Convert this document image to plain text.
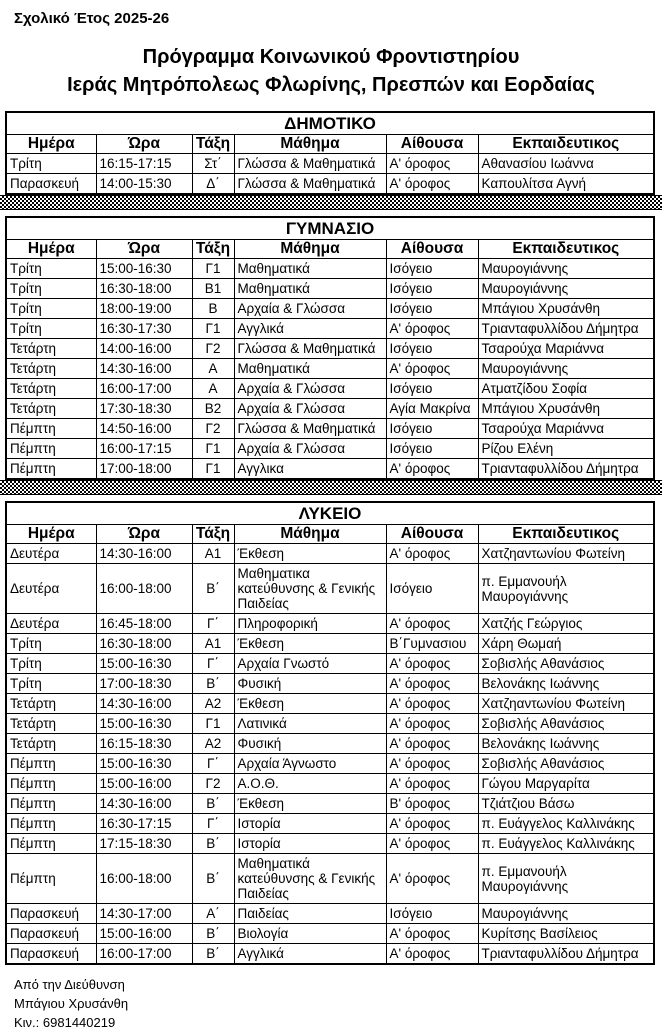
Σχολικό Έτος 2025-26
Πρόγραμμα Κοινωνικού Φροντιστηρίου
Ιεράς Μητρόπολεως Φλωρίνης, Πρεσπών και Εορδαίας
ΔΗΜΟΤΙΚΟ					
Ημέρα	Ώρα	Τάξη	Μάθημα	Αίθουσα	Εκπαιδευτικος
Τρίτη	16:15-17:15	Στ΄	Γλώσσα & Μαθηματικά	Α' όροφος	Αθανασίου Ιωάννα
Παρασκευή	14:00-15:30	Δ΄	Γλώσσα & Μαθηματικά	Α' όροφος	Καπουλίτσα Αγνή
ΓΥΜΝΑΣΙΟ					
Ημέρα	Ώρα	Τάξη	Μάθημα	Αίθουσα	Εκπαιδευτικος
Τρίτη	15:00-16:30	Γ1	Μαθηματικά	Ισόγειο	Μαυρογιάννης
Τρίτη	16:30-18:00	Β1	Μαθηματικά	Ισόγειο	Μαυρογιάννης
Τρίτη	18:00-19:00	Β	Αρχαία & Γλώσσα	Ισόγειο	Μπάγιου Χρυσάνθη
Τρίτη	16:30-17:30	Γ1	Αγγλικά	Α' όροφος	Τριανταφυλλίδου Δήμητρα
Τετάρτη	14:00-16:00	Γ2	Γλώσσα & Μαθηματικά	Ισόγειο	Τσαρούχα Μαριάννα
Τετάρτη	14:30-16:00	Α	Μαθηματικά	Α' όροφος	Μαυρογιάννης
Τετάρτη	16:00-17:00	Α	Αρχαία & Γλώσσα	Ισόγειο	Ατματζίδου Σοφία
Τετάρτη	17:30-18:30	Β2	Αρχαία & Γλώσσα	Αγία Μακρίνα	Μπάγιου Χρυσάνθη
Πέμπτη	14:50-16:00	Γ2	Γλώσσα & Μαθηματικά	Ισόγειο	Τσαρούχα Μαριάννα
Πέμπτη	16:00-17:15	Γ1	Αρχαία & Γλώσσα	Ισόγειο	Ρίζου Ελένη
Πέμπτη	17:00-18:00	Γ1	Αγγλικα	Α' όροφος	Τριανταφυλλίδου Δήμητρα
ΛΥΚΕΙΟ					
Ημέρα	Ώρα	Τάξη	Μάθημα	Αίθουσα	Εκπαιδευτικος
Δευτέρα	14:30-16:00	Α1	Έκθεση	Α' όροφος	Χατζηαντωνίου Φωτείνη
Δευτέρα	16:00-18:00	Β΄	Μαθηματικα κατεύθυνσης & Γενικής Παιδείας	Ισόγειο	π. Εμμανουήλ Μαυρογιάννης
Δευτέρα	16:45-18:00	Γ΄	Πληροφορική	Α' όροφος	Χατζής Γεώργιος
Τρίτη	16:30-18:00	Α1	Έκθεση	Β΄Γυμνασιου	Χάρη Θωμαή
Τρίτη	15:00-16:30	Γ΄	Αρχαία Γνωστό	Α' όροφος	Σοβισλής Αθανάσιος
Τρίτη	17:00-18:30	Β΄	Φυσική	Α' όροφος	Βελονάκης Ιωάννης
Τετάρτη	14:30-16:00	Α2	Έκθεση	Α' όροφος	Χατζηαντωνίου Φωτείνη
Τετάρτη	15:00-16:30	Γ1	Λατινικά	Α' όροφος	Σοβισλής Αθανάσιος
Τετάρτη	16:15-18:30	Α2	Φυσική	Α' όροφος	Βελονάκης Ιωάννης
Πέμπτη	15:00-16:30	Γ΄	Αρχαία Άγνωστο	Α' όροφος	Σοβισλής Αθανάσιος
Πέμπτη	15:00-16:00	Γ2	Α.Ο.Θ.	Α' όροφος	Γώγου Μαργαρίτα
Πέμπτη	14:30-16:00	Β΄	Έκθεση	Β' όροφος	Τζιάτζιου Βάσω
Πέμπτη	16:30-17:15	Γ΄	Ιστορία	Α' όροφος	π. Ευάγγελος Καλλινάκης
Πέμπτη	17:15-18:30	Β΄	Ιστορία	Α' όροφος	π. Ευάγγελος Καλλινάκης
Πέμπτη	16:00-18:00	Β΄	Μαθηματικά κατεύθυνσης & Γενικής Παιδείας	Α' όροφος	π. Εμμανουήλ Μαυρογιάννης
Παρασκευή	14:30-17:00	Α΄	Παιδείας	Ισόγειο	Μαυρογιάννης
Παρασκευή	15:00-16:00	Β΄	Βιολογία	Α' όροφος	Κυρίτσης Βασίλειος
Παρασκευή	16:00-17:00	Β΄	Αγγλικά	Α' όροφος	Τριανταφυλλίδου Δήμητρα
Από την Διεύθυνση
Μπάγιου Χρυσάνθη
Κιν.: 6981440219
